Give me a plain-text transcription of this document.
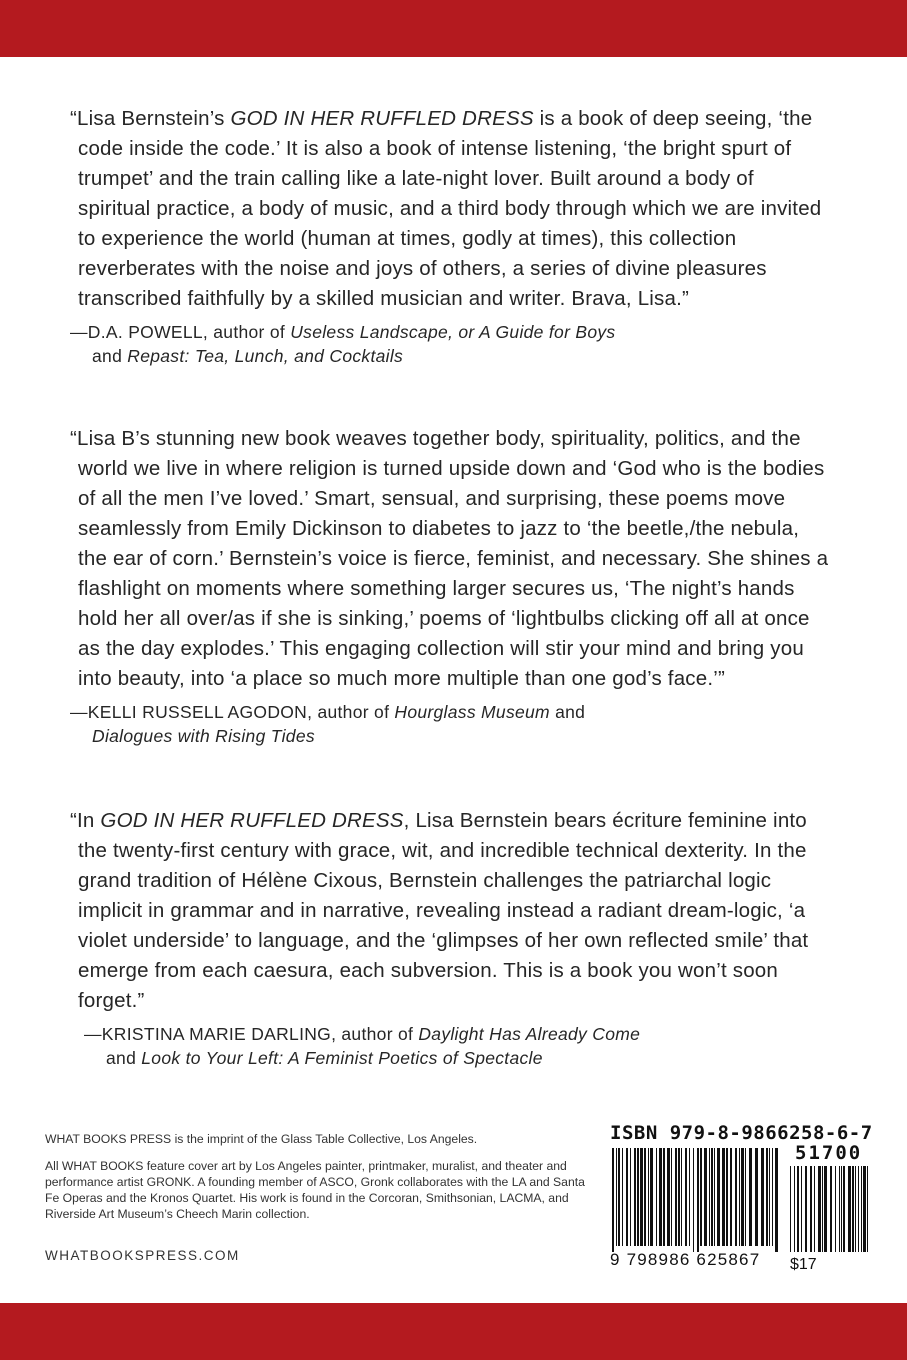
“Lisa Bernstein’s GOD IN HER RUFFLED DRESS is a book of deep seeing, ‘the code inside the code.’ It is also a book of intense listening, ‘the bright spurt of trumpet’ and the train calling like a late-night lover. Built around a body of spiritual practice, a body of music, and a third body through which we are invited to experience the world (human at times, godly at times), this collection reverberates with the noise and joys of others, a series of divine pleasures transcribed faithfully by a skilled musician and writer. Brava, Lisa.”

—D.A. POWELL, author of Useless Landscape, or A Guide for Boys
and Repast: Tea, Lunch, and Cocktails

“Lisa B’s stunning new book weaves together body, spirituality, politics, and the world we live in where religion is turned upside down and ‘God who is the bodies of all the men I’ve loved.’ Smart, sensual, and surprising, these poems move seamlessly from Emily Dickinson to diabetes to jazz to ‘the beetle,/the nebula, the ear of corn.’ Bernstein’s voice is fierce, feminist, and necessary. She shines a flashlight on moments where something larger secures us, ‘The night’s hands hold her all over/as if she is sinking,’ poems of ‘lightbulbs clicking off all at once as the day explodes.’ This engaging collection will stir your mind and bring you into beauty, into ‘a place so much more multiple than one god’s face.’”

—KELLI RUSSELL AGODON, author of Hourglass Museum and
Dialogues with Rising Tides

“In GOD IN HER RUFFLED DRESS, Lisa Bernstein bears écriture feminine into the twenty-first century with grace, wit, and incredible technical dexterity. In the grand tradition of Hélène Cixous, Bernstein challenges the patriarchal logic implicit in grammar and in narrative, revealing instead a radiant dream-logic, ‘a violet underside’ to language, and the ‘glimpses of her own reflected smile’ that emerge from each caesura, each subversion. This is a book you won’t soon forget.”

—KRISTINA MARIE DARLING, author of Daylight Has Already Come
and Look to Your Left: A Feminist Poetics of Spectacle

WHAT BOOKS PRESS is the imprint of the Glass Table Collective, Los Angeles.
All WHAT BOOKS feature cover art by Los Angeles painter, printmaker, muralist, and theater and performance artist GRONK. A founding member of ASCO, Gronk collaborates with the LA and Santa Fe Operas and the Kronos Quartet. His work is found in the Corcoran, Smithsonian, LACMA, and Riverside Art Museum’s Cheech Marin collection.
WHATBOOKSPRESS.COM
ISBN 979-8-9866258-6-7
51700
9 798986 625867 $17
